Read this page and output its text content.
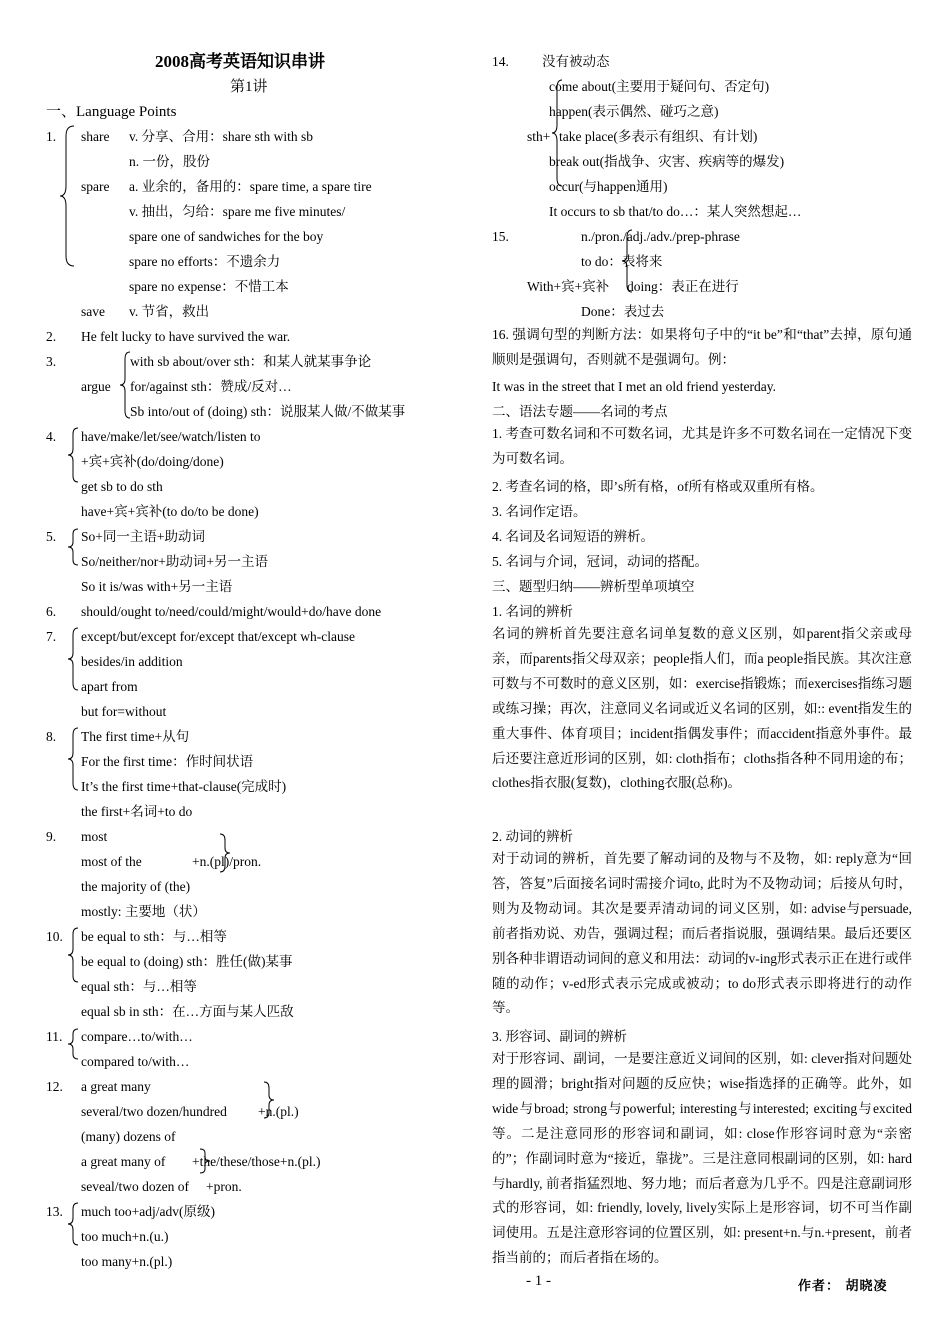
2008高考英语知识串讲
第1讲
一、Language Points
1. share v. 分享、合用：share sth with sb
n. 一份，股份
spare a. 业余的，备用的：spare time, a spare tire
v. 抽出，匀给：spare me five minutes/
spare one of sandwiches for the boy
spare no efforts：不遗余力
spare no expense：不惜工本
save v. 节省，救出
2. He felt lucky to have survived the war.
3.
argue
with sb about/over sth：和某人就某事争论
for/against sth：赞成/反对…
Sb into/out of (doing) sth：说服某人做/不做某事
4. have/make/let/see/watch/listen to
+宾+宾补(do/doing/done)
get sb to do sth
have+宾+宾补(to do/to be done)
5. So+同一主语+助动词
So/neither/nor+助动词+另一主语
So it is/was with+另一主语
6. should/ought to/need/could/might/would+do/have done
7. except/but/except for/except that/except wh-clause
besides/in addition
apart from
but for=without
8. The first time+从句
For the first time：作时间状语
It’s the first time+that-clause(完成时)
the first+名词+to do
9. most
most of the	+n.(pl)/pron.
the majority of (the)
mostly: 主要地（状）
10. be equal to sth：与…相等
be equal to (doing) sth：胜任(做)某事
equal sth：与…相等
equal sb in sth：在…方面与某人匹敌
11. compare…to/with…
compared to/with…
12. a great many
several/two dozen/hundred +n.(pl.)
(many) dozens of
a great many of +the/these/those+n.(pl.)
seveal/two dozen of +pron.
13. much too+adj/adv(原级)
too much+n.(u.)
too many+n.(pl.)
14. 没有被动态
sth+
come about(主要用于疑问句、否定句)
happen(表示偶然、碰巧之意)
take place(多表示有组织、有计划)
break out(指战争、灾害、疾病等的爆发)
occur(与happen通用)
It occurs to sb that/to do…：某人突然想起…
15.	n./pron./adj./adv./prep-phrase
to do：表将来
With+宾+宾补 doing：表正在进行
Done：表过去
16. 强调句型的判断方法：如果将句子中的“it be”和“that”去掉，原句通顺则是强调句，否则就不是强调句。例：
It was in the street that I met an old friend yesterday.
二、语法专题——名词的考点
1. 考查可数名词和不可数名词，尤其是许多不可数名词在一定情况下变为可数名词。
2. 考查名词的格，即’s所有格，of所有格或双重所有格。
3. 名词作定语。
4. 名词及名词短语的辨析。
5. 名词与介词，冠词，动词的搭配。
三、题型归纳——辨析型单项填空
1. 名词的辨析
名词的辨析首先要注意名词单复数的意义区别，如parent指父亲或母亲，而parents指父母双亲；people指人们，而a people指民族。其次注意可数与不可数时的意义区别，如：exercise指锻炼；而exercises指练习题或练习操；再次，注意同义名词或近义名词的区别，如:: event指发生的重大事件、体育项目；incident指偶发事件；而accident指意外事件。最后还要注意近形词的区别，如: cloth指布；cloths指各种不同用途的布；clothes指衣服(复数)，clothing衣服(总称)。
2. 动词的辨析
对于动词的辨析，首先要了解动词的及物与不及物，如: reply意为“回答，答复”后面接名词时需接介词to, 此时为不及物动词；后接从句时，则为及物动词。其次是要弄清动词的词义区别，如: advise与persuade, 前者指劝说、劝告，强调过程；而后者指说服，强调结果。最后还要区别各种非谓语动词间的意义和用法：动词的v-ing形式表示正在进行或伴随的动作；v-ed形式表示完成或被动；to do形式表示即将进行的动作等。
3. 形容词、副词的辨析
对于形容词、副词，一是要注意近义词间的区别，如: clever指对问题处理的圆滑；bright指对问题的反应快；wise指选择的正确等。此外，如wide与broad; strong与powerful; interesting与interested; exciting与excited等。二是注意同形的形容词和副词，如: close作形容词时意为“亲密的”；作副词时意为“接近，靠拢”。三是注意同根副词的区别，如: hard与hardly, 前者指猛烈地、努力地；而后者意为几乎不。四是注意副词形式的形容词，如: friendly, lovely, lively实际上是形容词，切不可当作副词使用。五是注意形容词的位置区别，如: present+n.与n.+present，前者指当前的；而后者指在场的。
- 1 -	作者： 胡晓凌
